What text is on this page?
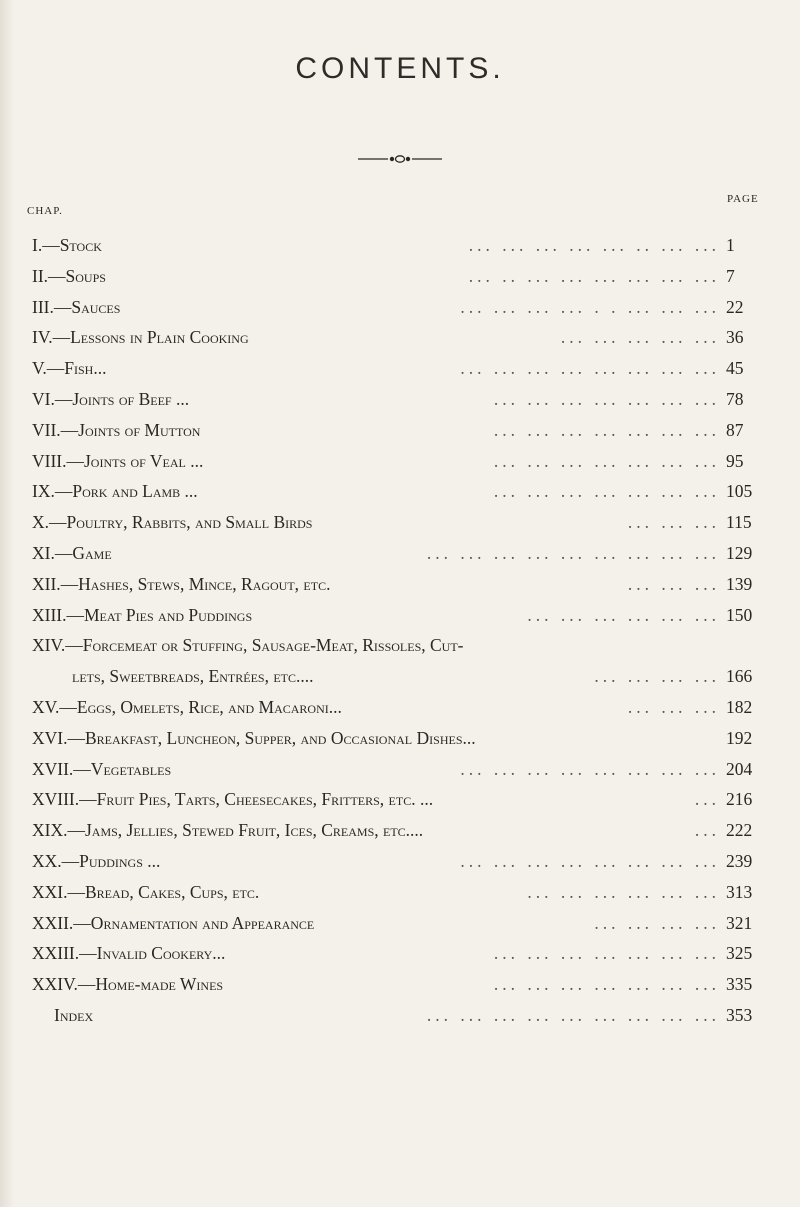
CONTENTS.
CHAP.
PAGE
I.—Stock	... ... ... ... ... .. ... ... 1
II.—Soups	... .. ... ... ... ... ... ... 7
III.—Sauces	... ... ... ... . . ... ... ... 22
IV.—Lessons in Plain Cooking	... ... ... ... ... 36
V.—Fish...	... ... ... ... ... ... ... ... 45
VI.—Joints of Beef ...	... ... ... ... ... ... ... 78
VII.—Joints of Mutton	... ... ... ... ... ... ... 87
VIII.—Joints of Veal ...	... ... ... ... ... ... ... 95
IX.—Pork and Lamb ...	... ... ... ... ... ... ... 105
X.—Poultry, Rabbits, and Small Birds	... ... ... 115
XI.—Game	... ... ... ... ... ... ... ... ... 129
XII.—Hashes, Stews, Mince, Ragout, etc.	... ... ... 139
XIII.—Meat Pies and Puddings	... ... ... ... ... ... 150
XIV.—Forcemeat or Stuffing, Sausage-Meat, Rissoles, Cut-
lets, Sweetbreads, Entrées, etc....	... ... ... ... 166
XV.—Eggs, Omelets, Rice, and Macaroni...	... ... ... 182
XVI.—Breakfast, Luncheon, Supper, and Occasional Dishes...	192
XVII.—Vegetables	... ... ... ... ... ... ... ... 204
XVIII.—Fruit Pies, Tarts, Cheesecakes, Fritters, etc. ...	... 216
XIX.—Jams, Jellies, Stewed Fruit, Ices, Creams, etc....	... 222
XX.—Puddings ...	... ... ... ... ... ... ... ... 239
XXI.—Bread, Cakes, Cups, etc.	... ... ... ... ... ... 313
XXII.—Ornamentation and Appearance	... ... ... ... 321
XXIII.—Invalid Cookery...	... ... ... ... ... ... ... 325
XXIV.—Home-made Wines	... ... ... ... ... ... ... 335
Index	... ... ... ... ... ... ... ... ... 353
